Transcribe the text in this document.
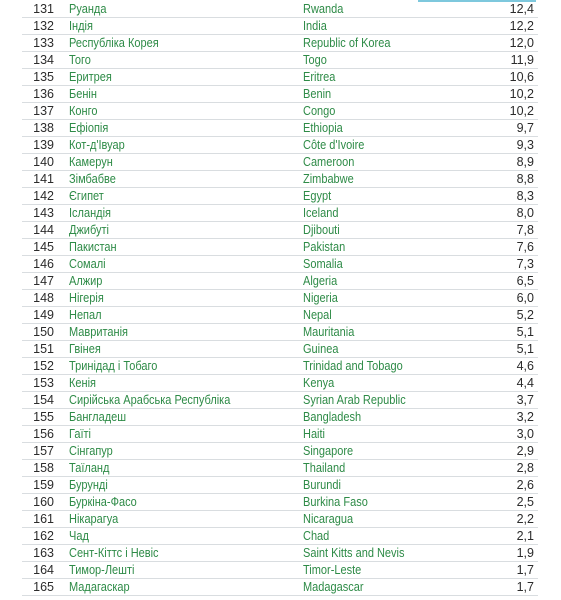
131 Руанда	Rwanda	12,4
132 Індія	India	12,2
133 Республіка Корея	Republic of Korea	12,0
134 Того	Togo	11,9
135 Еритрея	Eritrea	10,6
136 Бенін	Benin	10,2
137 Конго	Congo	10,2
138 Ефіопія	Ethiopia	9,7
139 Кот-д'Івуар	Côte d'Ivoire	9,3
140 Камерун	Cameroon	8,9
141 Зімбабве	Zimbabwe	8,8
142 Єгипет	Egypt	8,3
143 Ісландія	Iceland	8,0
144 Джибуті	Djibouti	7,8
145 Пакистан	Pakistan	7,6
146 Сомалі	Somalia	7,3
147 Алжир	Algeria	6,5
148 Нігерія	Nigeria	6,0
149 Непал	Nepal	5,2
150 Мавританія	Mauritania	5,1
151 Гвінея	Guinea	5,1
152 Тринідад і Тобаго	Trinidad and Tobago	4,6
153 Кенія	Kenya	4,4
154 Сирійська Арабська Республіка	Syrian Arab Republic	3,7
155 Бангладеш	Bangladesh	3,2
156 Гаїті	Haiti	3,0
157 Сінгапур	Singapore	2,9
158 Таїланд	Thailand	2,8
159 Бурунді	Burundi	2,6
160 Буркіна-Фасо	Burkina Faso	2,5
161 Нікарагуа	Nicaragua	2,2
162 Чад	Chad	2,1
163 Сент-Кіттс і Невіс	Saint Kitts and Nevis	1,9
164 Тимор-Лешті	Timor-Leste	1,7
165 Мадагаскар	Madagascar	1,7
